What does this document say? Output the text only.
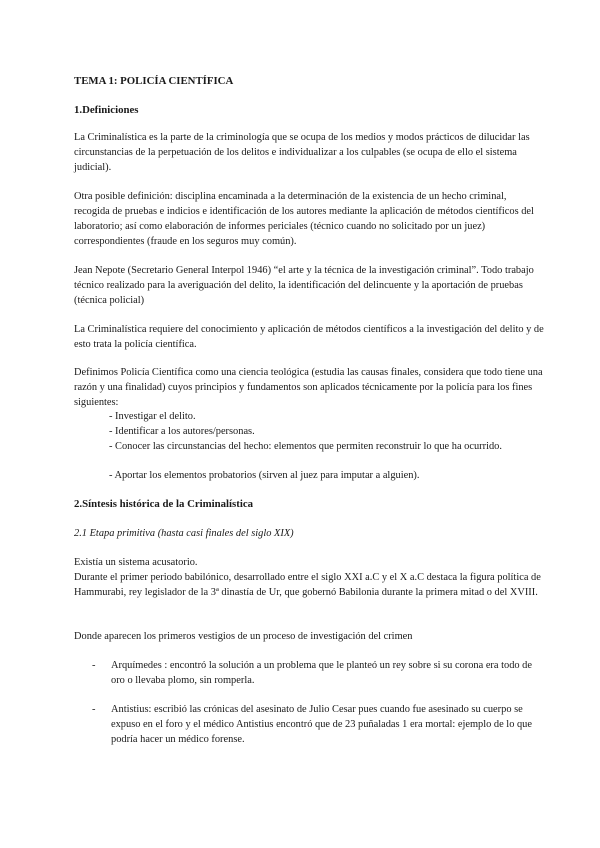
TEMA 1: POLICÍA CIENTÍFICA

1.Definiciones

La Criminalística es la parte de la criminología que se ocupa de los medios y modos prácticos de dilucidar las circunstancias de la perpetuación de los delitos e individualizar a los culpables (se ocupa de ello el sistema judicial).

Otra posible definición: disciplina encaminada a la determinación de la existencia de un hecho criminal, recogida de pruebas e indicios e identificación de los autores mediante la aplicación de métodos científicos del laboratorio; así como elaboración de informes periciales (técnico cuando no solicitado por un juez) correspondientes (fraude en los seguros muy común).

Jean Nepote (Secretario General Interpol 1946) “el arte y la técnica de la investigación criminal”. Todo trabajo técnico realizado para la averiguación del delito, la identificación del delincuente y la aportación de pruebas (técnica policial)

La Criminalística requiere del conocimiento y aplicación de métodos científicos a la investigación del delito y de esto trata la policía científica.

Definimos Policía Científica como una ciencia teológica (estudia las causas finales, considera que todo tiene una razón y una finalidad) cuyos principios y fundamentos son aplicados técnicamente por la policía para los fines siguientes:

- Investigar el delito.

- Identificar a los autores/personas.

- Conocer las circunstancias del hecho: elementos que permiten reconstruir lo que ha ocurrido.

- Aportar los elementos probatorios (sirven al juez para imputar a alguien).

2.Síntesis histórica de la Criminalística

2.1 Etapa primitiva (hasta casi finales del siglo XIX)

Existía un sistema acusatorio.

Durante el primer periodo babilónico, desarrollado entre el siglo XXI a.C y el X a.C destaca la figura política de Hammurabi, rey legislador de la 3ª dinastía de Ur, que gobernó Babilonia durante la primera mitad o del XVIII.

Donde aparecen los primeros vestigios de un proceso de investigación del crimen

- Arquímedes : encontró la solución a un problema que le planteó un rey sobre si su corona era todo de oro o llevaba plomo, sin romperla.

- Antistius: escribió las crónicas del asesinato de Julio Cesar pues cuando fue asesinado su cuerpo se expuso en el foro y el médico Antistius encontró que de 23 puñaladas 1 era mortal: ejemplo de lo que podría hacer un médico forense.
